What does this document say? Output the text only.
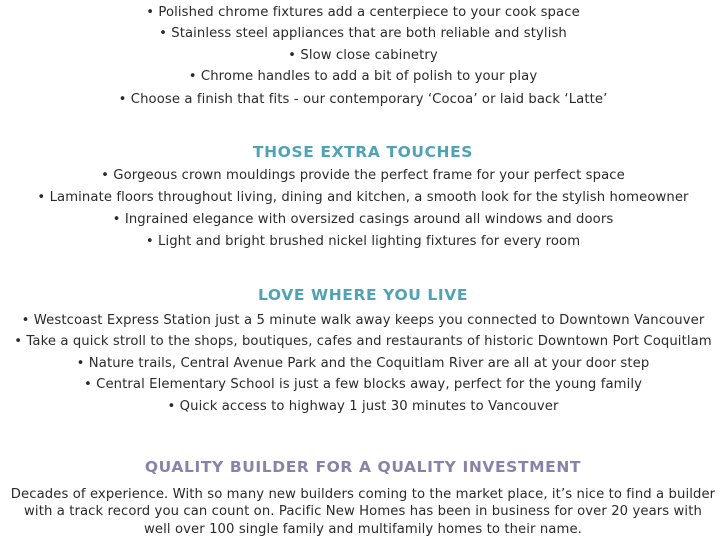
• Polished chrome fixtures add a centerpiece to your cook space
• Stainless steel appliances that are both reliable and stylish
• Slow close cabinetry
• Chrome handles to add a bit of polish to your play
• Choose a finish that fits - our contemporary ‘Cocoa’ or laid back ‘Latte’
THOSE EXTRA TOUCHES
• Gorgeous crown mouldings provide the perfect frame for your perfect space
• Laminate floors throughout living, dining and kitchen, a smooth look for the stylish homeowner
• Ingrained elegance with oversized casings around all windows and doors
• Light and bright brushed nickel lighting fixtures for every room
LOVE WHERE YOU LIVE
• Westcoast Express Station just a 5 minute walk away keeps you connected to Downtown Vancouver
• Take a quick stroll to the shops, boutiques, cafes and restaurants of historic Downtown Port Coquitlam
• Nature trails, Central Avenue Park and the Coquitlam River are all at your door step
• Central Elementary School is just a few blocks away, perfect for the young family
• Quick access to highway 1 just 30 minutes to Vancouver
QUALITY BUILDER FOR A QUALITY INVESTMENT
Decades of experience. With so many new builders coming to the market place, it’s nice to find a builder
with a track record you can count on. Pacific New Homes has been in business for over 20 years with
well over 100 single family and multifamily homes to their name.
